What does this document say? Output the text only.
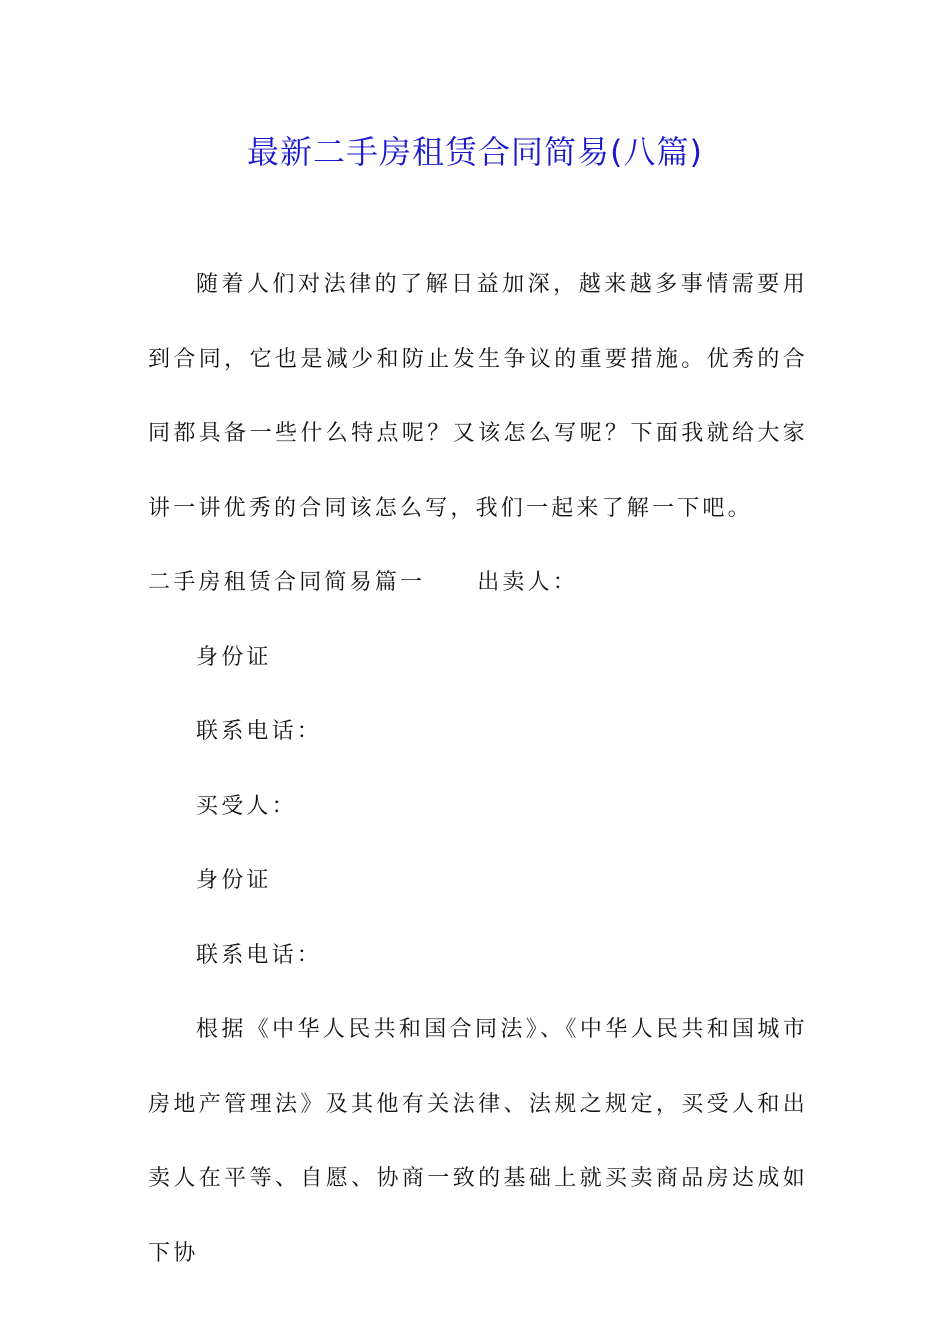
最新二手房租赁合同简易(八篇)

随着人们对法律的了解日益加深，越来越多事情需要用到合同，它也是减少和防止发生争议的重要措施。优秀的合同都具备一些什么特点呢？又该怎么写呢？下面我就给大家讲一讲优秀的合同该怎么写，我们一起来了解一下吧。

二手房租赁合同简易篇一 出卖人：

身份证

联系电话：

买受人：

身份证

联系电话：

根据《中华人民共和国合同法》、《中华人民共和国城市房地产管理法》及其他有关法律、法规之规定，买受人和出卖人在平等、自愿、协商一致的基础上就买卖商品房达成如下协
